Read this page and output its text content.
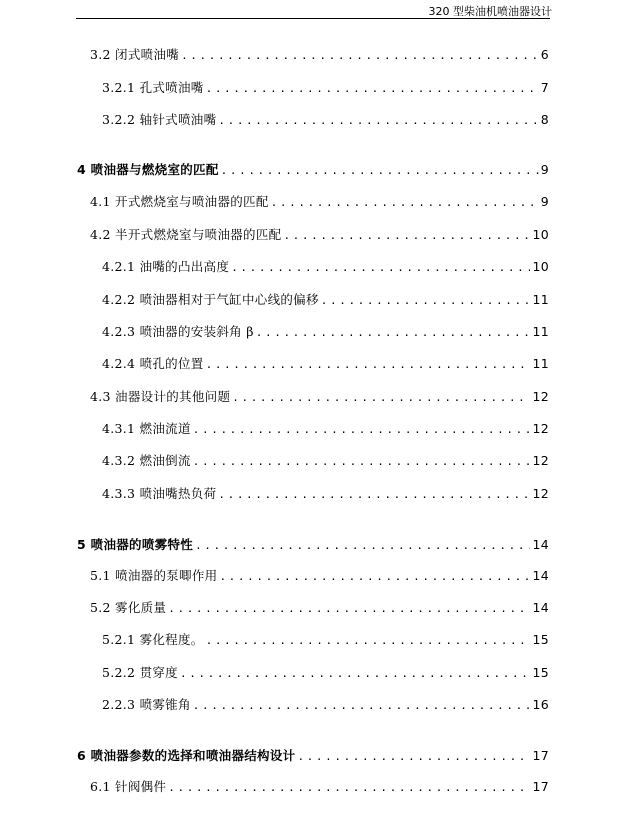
320 型柴油机喷油器设计
3.2 闭式喷油嘴 .....	6
3.2.1 孔式喷油嘴 .....	7
3.2.2 轴针式喷油嘴 .....	8
4 喷油器与燃烧室的匹配 .....	9
4.1 开式燃烧室与喷油器的匹配 .....	9
4.2 半开式燃烧室与喷油器的匹配 .....	10
4.2.1 油嘴的凸出高度 .....	10
4.2.2 喷油器相对于气缸中心线的偏移 .....	11
4.2.3 喷油器的安装斜角 β .....	11
4.2.4 喷孔的位置 .....	11
4.3 油器设计的其他问题 .....	12
4.3.1 燃油流道 .....	12
4.3.2 燃油倒流 .....	12
4.3.3 喷油嘴热负荷 .....	12
5 喷油器的喷雾特性 .....	14
5.1 喷油器的泵唧作用 .....	14
5.2 雾化质量 .....	14
5.2.1 雾化程度。 .....	15
5.2.2 贯穿度 .....	15
2.2.3 喷雾锥角 .....	16
6 喷油器参数的选择和喷油器结构设计 .....	17
6.1 针阀偶件 .....	17
